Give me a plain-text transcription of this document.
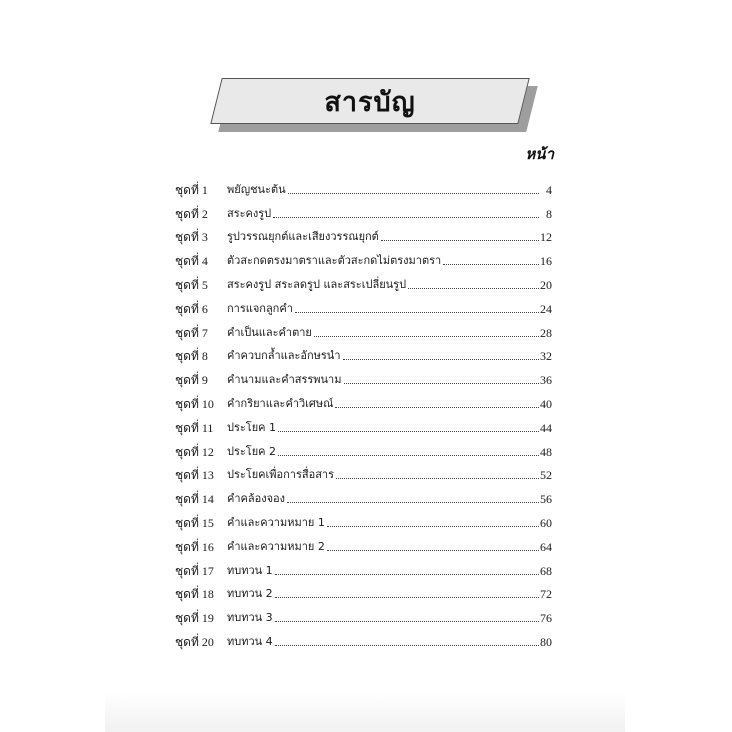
สารบัญ
หน้า
ชุดที่ 1	พยัญชนะต้น	4
ชุดที่ 2	สระคงรูป	8
ชุดที่ 3	รูปวรรณยุกต์และเสียงวรรณยุกต์	12
ชุดที่ 4	ตัวสะกดตรงมาตราและตัวสะกดไม่ตรงมาตรา	16
ชุดที่ 5	สระคงรูป สระลดรูป และสระเปลี่ยนรูป	20
ชุดที่ 6	การแจกลูกคำ	24
ชุดที่ 7	คำเป็นและคำตาย	28
ชุดที่ 8	คำควบกล้ำและอักษรนำ	32
ชุดที่ 9	คำนามและคำสรรพนาม	36
ชุดที่ 10	คำกริยาและคำวิเศษณ์	40
ชุดที่ 11	ประโยค 1	44
ชุดที่ 12	ประโยค 2	48
ชุดที่ 13	ประโยคเพื่อการสื่อสาร	52
ชุดที่ 14	คำคล้องจอง	56
ชุดที่ 15	คำและความหมาย 1	60
ชุดที่ 16	คำและความหมาย 2	64
ชุดที่ 17	ทบทวน 1	68
ชุดที่ 18	ทบทวน 2	72
ชุดที่ 19	ทบทวน 3	76
ชุดที่ 20	ทบทวน 4	80
